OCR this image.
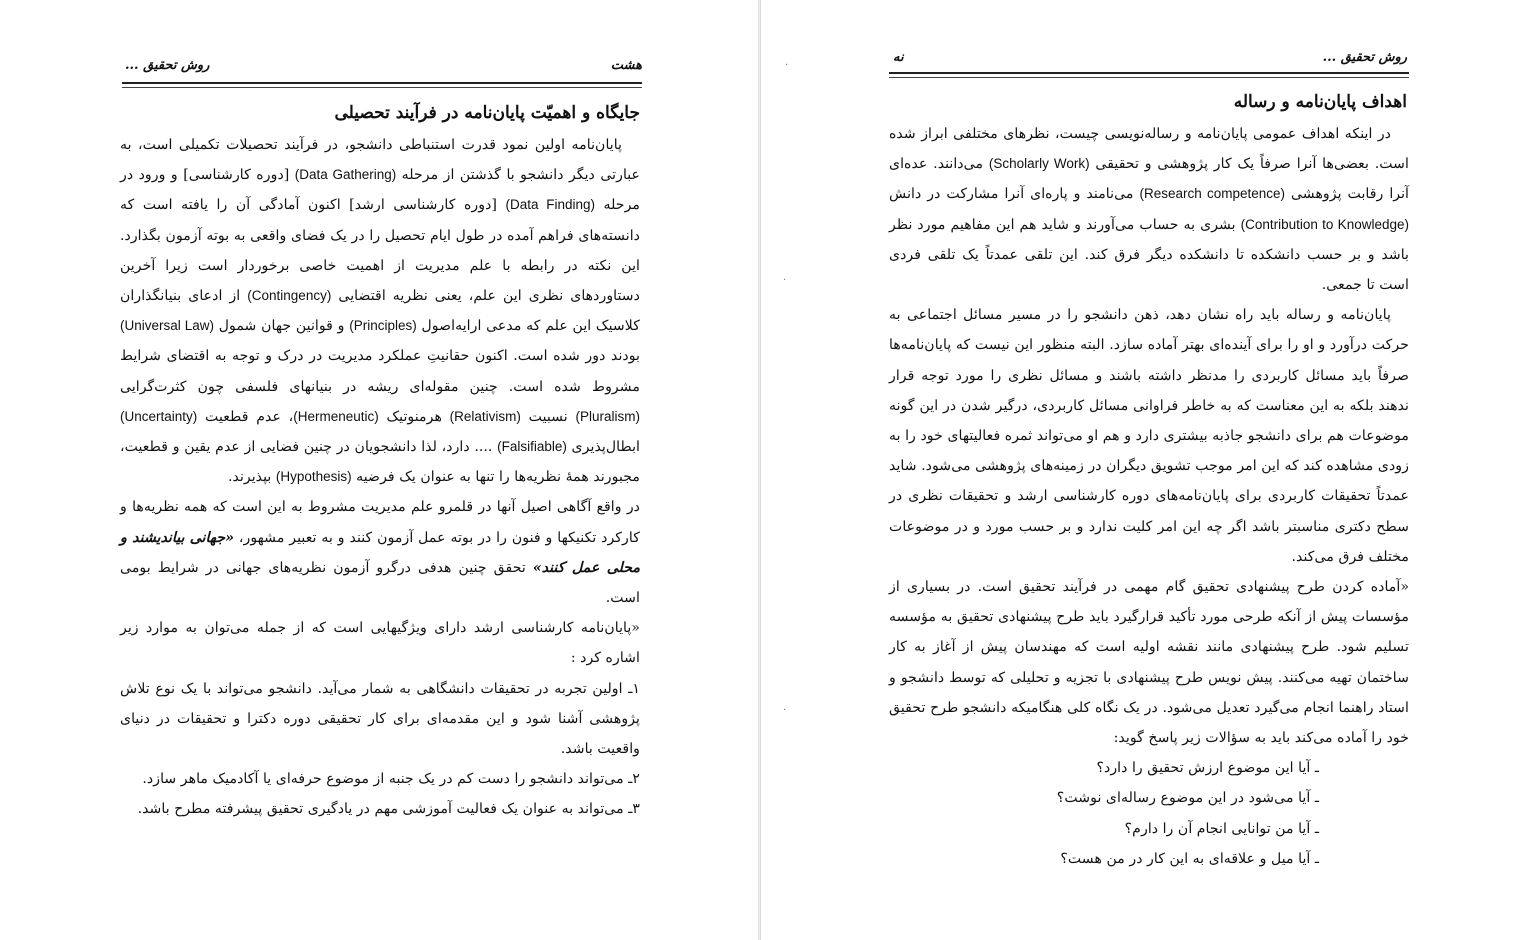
هشت
روش تحقیق ...
جایگاه و اهمیّت پایان‌نامه در فرآیند تحصیلی

پایان‌نامه اولین نمود قدرت استنباطی دانشجو، در فرآیند تحصیلات تکمیلی است، به عبارتی دیگر دانشجو با گذشتن از مرحله (Data Gathering) [دوره کارشناسی] و ورود در مرحله (Data Finding) [دوره کارشناسی ارشد] اکنون آمادگی آن را یافته است که دانسته‌های فراهم آمده در طول ایام تحصیل را در یک فضای واقعی به بوته آزمون بگذارد. این نکته در رابطه با علم مدیریت از اهمیت خاصی برخوردار است زیرا آخرین دستاوردهای نظری این علم، یعنی نظریه اقتضایی (Contingency) از ادعای بنیانگذاران کلاسیک این علم که مدعی ارایه‌اصول (Principles) و قوانین جهان شمول (Universal Law) بودند دور شده است. اکنون حقانیتِ عملکرد مدیریت در درک و توجه به اقتضای شرایط مشروط شده است. چنین مقوله‌ای ریشه در بنیانهای فلسفی چون کثرت‌گرایی (Pluralism) نسبیت (Relativism) هرمنوتیک (Hermeneutic)، عدم قطعیت (Uncertainty) ابطال‌پذیری (Falsifiable) .... دارد، لذا دانشجویان در چنین فضایی از عدم یقین و قطعیت، مجبورند همهٔ نظریه‌ها را تنها به عنوان یک فرضیه (Hypothesis) بپذیرند.

در واقع آگاهی اصیل آنها در قلمرو علم مدیریت مشروط به این است که همه نظریه‌ها و کارکرد تکنیکها و فنون را در بوته عمل آزمون کنند و به تعبیر مشهور، «جهانی بیاندیشند و محلی عمل کنند» تحقق چنین هدفی درگرو آزمون نظریه‌های جهانی در شرایط بومی است.

«پایان‌نامه کارشناسی ارشد دارای ویژگیهایی است که از جمله می‌توان به موارد زیر اشاره کرد :

۱ـ اولین تجربه در تحقیقات دانشگاهی به شمار می‌آید. دانشجو می‌تواند با یک نوع تلاش پژوهشی آشنا شود و این مقدمه‌ای برای کار تحقیقی دوره دکترا و تحقیقات در دنیای واقعیت باشد.

۲ـ می‌تواند دانشجو را دست کم در یک جنبه از موضوع حرفه‌ای یا آکادمیک ماهر سازد.

۳ـ می‌تواند به عنوان یک فعالیت آموزشی مهم در یادگیری تحقیق پیشرفته مطرح باشد.

روش تحقیق ...
نه
اهداف پایان‌نامه و رساله

در اینکه اهداف عمومی پایان‌نامه و رساله‌نویسی چیست، نظرهای مختلفی ابراز شده است. بعضی‌ها آنرا صرفاً یک کار پژوهشی و تحقیقی (Scholarly Work) می‌دانند. عده‌ای آنرا رقابت پژوهشی (Research competence) می‌نامند و پاره‌ای آنرا مشارکت در دانش (Contribution to Knowledge) بشری به حساب می‌آورند و شاید هم این مفاهیم مورد نظر باشد و بر حسب دانشکده تا دانشکده دیگر فرق کند. این تلقی عمدتاً یک تلقی فردی است تا جمعی.

پایان‌نامه و رساله باید راه نشان دهد، ذهن دانشجو را در مسیر مسائل اجتماعی به حرکت درآورد و او را برای آینده‌ای بهتر آماده سازد. البته منظور این نیست که پایان‌نامه‌ها صرفاً باید مسائل کاربردی را مدنظر داشته باشند و مسائل نظری را مورد توجه قرار ندهند بلکه به این معناست که به خاطر فراوانی مسائل کاربردی، درگیر شدن در این گونه موضوعات هم برای دانشجو جاذبه بیشتری دارد و هم او می‌تواند ثمره فعالیتهای خود را به زودی مشاهده کند که این امر موجب تشویق دیگران در زمینه‌های پژوهشی می‌شود. شاید عمدتاً تحقیقات کاربردی برای پایان‌نامه‌های دوره کارشناسی ارشد و تحقیقات نظری در سطح دکتری مناسبتر باشد اگر چه این امر کلیت ندارد و بر حسب مورد و در موضوعات مختلف فرق می‌کند.

«آماده کردن طرح پیشنهادی تحقیق گام مهمی در فرآیند تحقیق است. در بسیاری از مؤسسات پیش از آنکه طرحی مورد تأکید قرارگیرد باید طرح پیشنهادی تحقیق به مؤسسه تسلیم شود. طرح پیشنهادی مانند نقشه اولیه است که مهندسان پیش از آغاز به کار ساختمان تهیه می‌کنند. پیش نویس طرح پیشنهادی با تجزیه و تحلیلی که توسط دانشجو و استاد راهنما انجام می‌گیرد تعدیل می‌شود. در یک نگاه کلی هنگامیکه دانشجو طرح تحقیق خود را آماده می‌کند باید به سؤالات زیر پاسخ گوید:

ـ آیا این موضوع ارزش تحقیق را دارد؟
ـ آیا می‌شود در این موضوع رساله‌ای نوشت؟
ـ آیا من توانایی انجام آن را دارم؟
ـ آیا میل و علاقه‌ای به این کار در من هست؟
·
·
·
